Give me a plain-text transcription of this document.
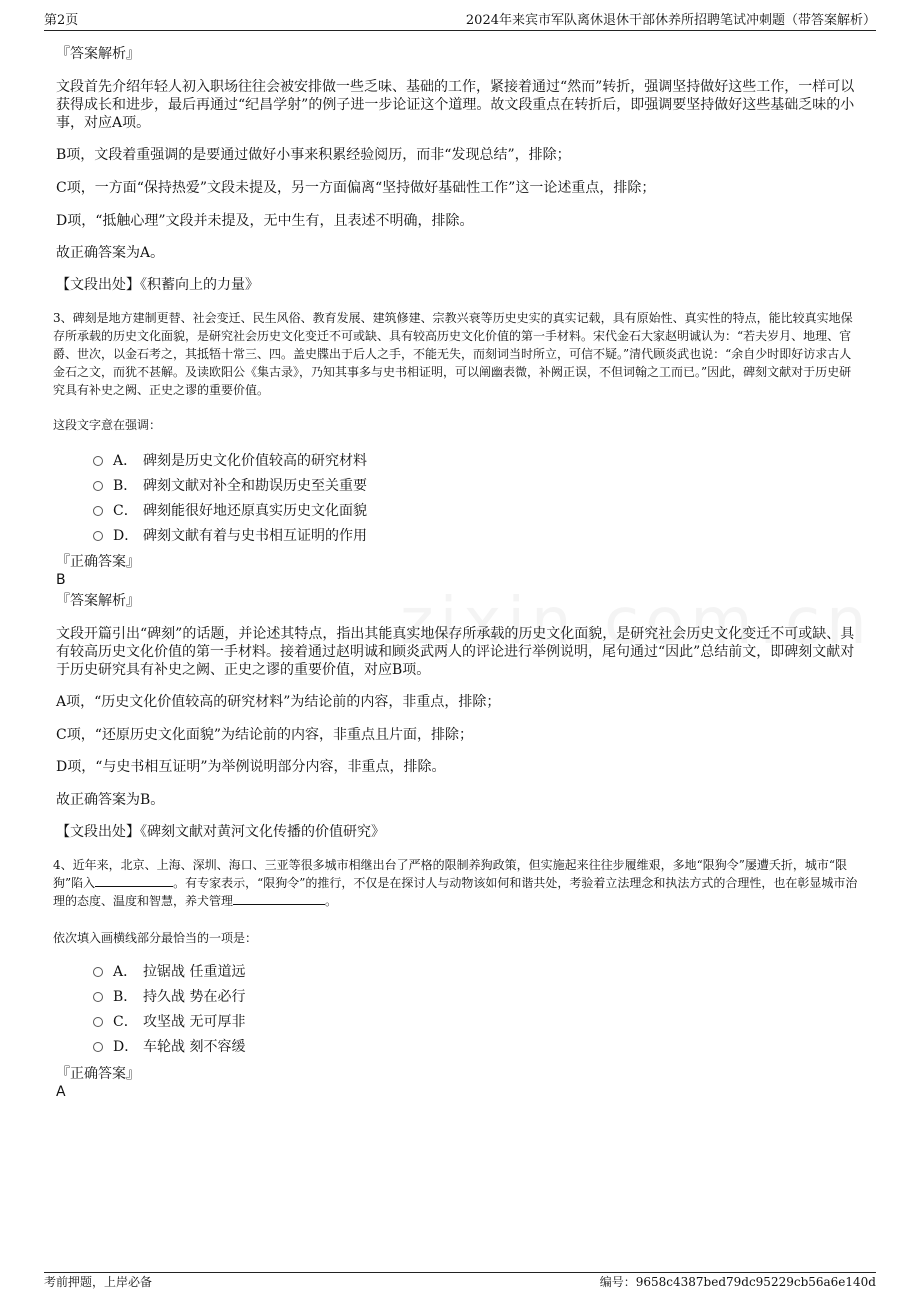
第2页	2024年来宾市军队离休退休干部休养所招聘笔试冲刺题（带答案解析）
『答案解析』
文段首先介绍年轻人初入职场往往会被安排做一些乏味、基础的工作，紧接着通过“然而”转折，强调坚持做好这些工作，一样可以获得成长和进步，最后再通过“纪昌学射”的例子进一步论证这个道理。故文段重点在转折后，即强调要坚持做好这些基础乏味的小事，对应A项。
B项，文段着重强调的是要通过做好小事来积累经验阅历，而非“发现总结”，排除；
C项，一方面“保持热爱”文段未提及，另一方面偏离“坚持做好基础性工作”这一论述重点，排除；
D项，“抵触心理”文段并未提及，无中生有，且表述不明确，排除。
故正确答案为A。
【文段出处】《积蓄向上的力量》
3、碑刻是地方建制更替、社会变迁、民生风俗、教育发展、建筑修建、宗教兴衰等历史史实的真实记载，具有原始性、真实性的特点，能比较真实地保存所承载的历史文化面貌，是研究社会历史文化变迁不可或缺、具有较高历史文化价值的第一手材料。宋代金石大家赵明诚认为：“若夫岁月、地理、官爵、世次，以金石考之，其抵牾十常三、四。盖史牒出于后人之手，不能无失，而刻词当时所立，可信不疑。”清代顾炎武也说：“余自少时即好访求古人金石之文，而犹不甚解。及读欧阳公《集古录》，乃知其事多与史书相证明，可以阐幽表微，补阙正误，不但词翰之工而已。”因此，碑刻文献对于历史研究具有补史之阙、正史之谬的重要价值。
这段文字意在强调：
A． 碑刻是历史文化价值较高的研究材料
B． 碑刻文献对补全和勘误历史至关重要
C． 碑刻能很好地还原真实历史文化面貌
D． 碑刻文献有着与史书相互证明的作用
『正确答案』
B
『答案解析』
文段开篇引出“碑刻”的话题，并论述其特点，指出其能真实地保存所承载的历史文化面貌，是研究社会历史文化变迁不可或缺、具有较高历史文化价值的第一手材料。接着通过赵明诚和顾炎武两人的评论进行举例说明，尾句通过“因此”总结前文，即碑刻文献对于历史研究具有补史之阙、正史之谬的重要价值，对应B项。
A项，“历史文化价值较高的研究材料”为结论前的内容，非重点，排除；
C项，“还原历史文化面貌”为结论前的内容，非重点且片面，排除；
D项，“与史书相互证明”为举例说明部分内容，非重点，排除。
故正确答案为B。
【文段出处】《碑刻文献对黄河文化传播的价值研究》
4、近年来，北京、上海、深圳、海口、三亚等很多城市相继出台了严格的限制养狗政策，但实施起来往往步履维艰，多地“限狗令”屡遭夭折，城市“限狗”陷入	。有专家表示，“限狗令”的推行，不仅是在探讨人与动物该如何和谐共处，考验着立法理念和执法方式的合理性，也在彰显城市治理的态度、温度和智慧，养犬管理	。
依次填入画横线部分最恰当的一项是：
A． 拉锯战 任重道远
B． 持久战 势在必行
C． 攻坚战 无可厚非
D． 车轮战 刻不容缓
『正确答案』
A
考前押题，上岸必备	编号：9658c4387bed79dc95229cb56a6e140d
